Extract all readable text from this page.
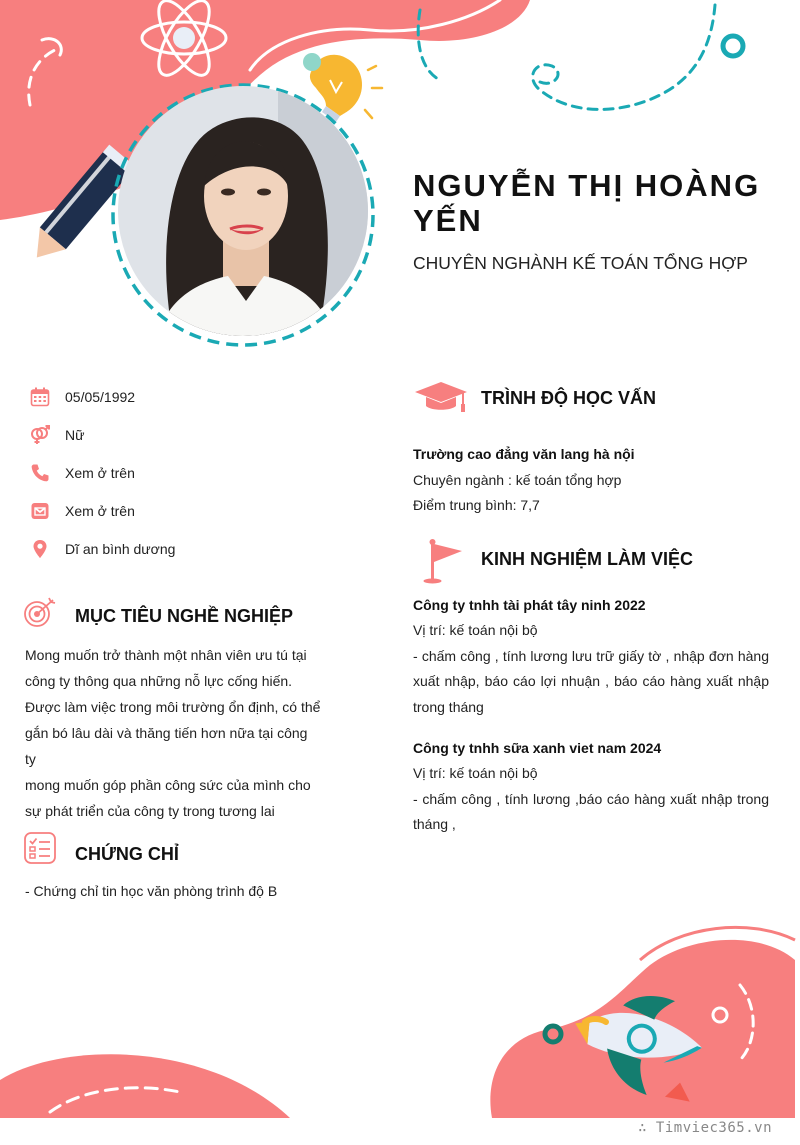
NGUYỄN THỊ HOÀNG YẾN
CHUYÊN NGHÀNH KẾ TOÁN TỔNG HỢP
05/05/1992
Nữ
Xem ở trên
Xem ở trên
Dĩ an bình dương
MỤC TIÊU NGHỀ NGHIỆP
Mong muốn trở thành một nhân viên ưu tú tại
công ty thông qua những nỗ lực cống hiến.
Được làm việc trong môi trường ổn định, có thể
gắn bó lâu dài và thăng tiến hơn nữa tại công
ty
mong muốn góp phần công sức của mình cho
sự phát triển của công ty trong tương lai
CHỨNG CHỈ
- Chứng chỉ tin học văn phòng trình độ B
TRÌNH ĐỘ HỌC VẤN
Trường cao đẳng văn lang hà nội
Chuyên ngành : kế toán tổng hợp
Điểm trung bình: 7,7
KINH NGHIỆM LÀM VIỆC
Công ty tnhh tài phát tây ninh 2022
Vị trí: kế toán nội bộ
- chấm công , tính lương lưu trữ giấy tờ , nhập đơn hàng
xuất nhập, báo cáo lợi nhuận , báo cáo hàng xuất nhập
trong tháng
Công ty tnhh sữa xanh viet nam 2024
Vị trí: kế toán nội bộ
- chấm công , tính lương ,báo cáo hàng xuất nhập trong
tháng ,
∴ Timviec365.vn
